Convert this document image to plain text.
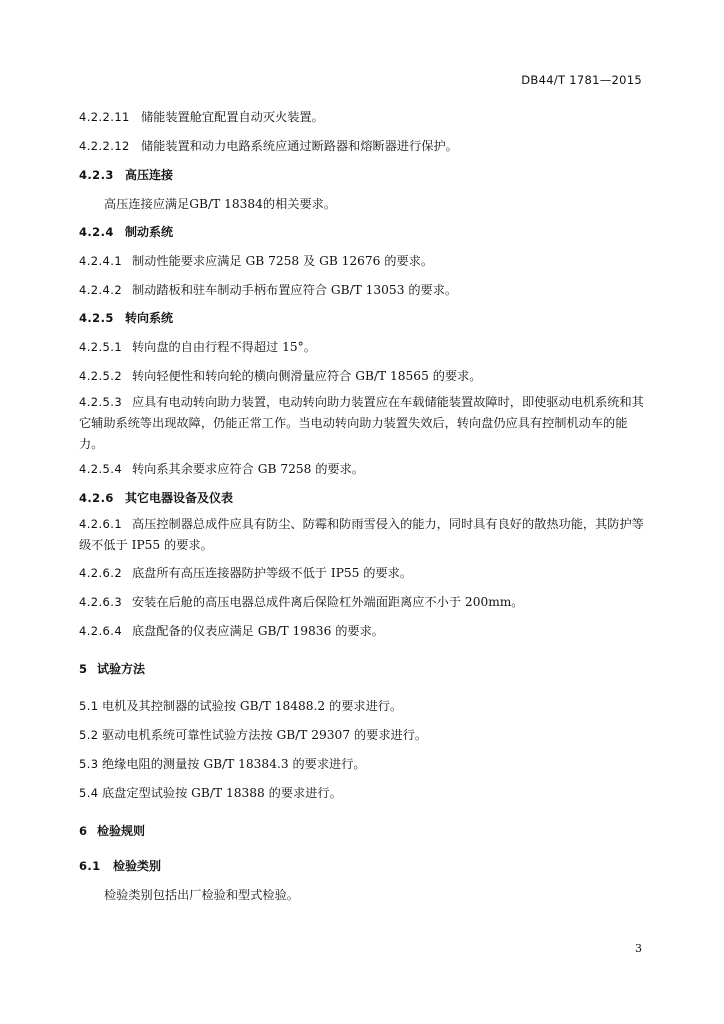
DB44/T 1781—2015
4.2.2.11 储能装置舱宜配置自动灭火装置。
4.2.2.12 储能装置和动力电路系统应通过断路器和熔断器进行保护。
4.2.3 高压连接
高压连接应满足GB/T 18384的相关要求。
4.2.4 制动系统
4.2.4.1 制动性能要求应满足 GB 7258 及 GB 12676 的要求。
4.2.4.2 制动踏板和驻车制动手柄布置应符合 GB/T 13053 的要求。
4.2.5 转向系统
4.2.5.1 转向盘的自由行程不得超过 15°。
4.2.5.2 转向轻便性和转向轮的横向侧滑量应符合 GB/T 18565 的要求。
4.2.5.3 应具有电动转向助力装置，电动转向助力装置应在车载储能装置故障时，即使驱动电机系统和其它辅助系统等出现故障，仍能正常工作。当电动转向助力装置失效后，转向盘仍应具有控制机动车的能力。
4.2.5.4 转向系其余要求应符合 GB 7258 的要求。
4.2.6 其它电器设备及仪表
4.2.6.1 高压控制器总成件应具有防尘、防霉和防雨雪侵入的能力，同时具有良好的散热功能，其防护等级不低于 IP55 的要求。
4.2.6.2 底盘所有高压连接器防护等级不低于 IP55 的要求。
4.2.6.3 安装在后舱的高压电器总成件离后保险杠外端面距离应不小于 200mm。
4.2.6.4 底盘配备的仪表应满足 GB/T 19836 的要求。
5 试验方法
5.1 电机及其控制器的试验按 GB/T 18488.2 的要求进行。
5.2 驱动电机系统可靠性试验方法按 GB/T 29307 的要求进行。
5.3 绝缘电阻的测量按 GB/T 18384.3 的要求进行。
5.4 底盘定型试验按 GB/T 18388 的要求进行。
6 检验规则
6.1 检验类别
检验类别包括出厂检验和型式检验。
3
